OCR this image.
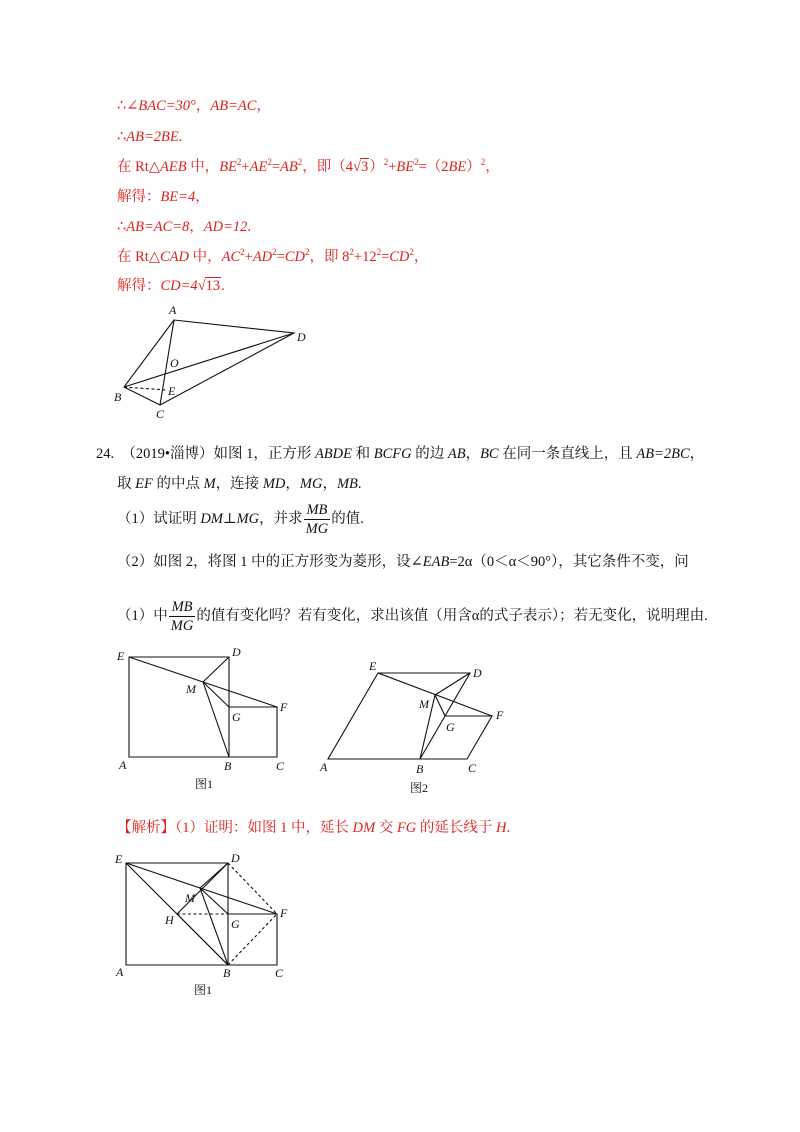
∴∠BAC=30°，AB=AC，
∴AB=2BE.
在 Rt△AEB 中，$BE^2+AE^2=AB^2$，即$(4√3)^2+BE^2=(2BE)^2$，
解得：BE=4，
∴AB=AC=8，AD=12.
在 Rt△CAD 中，$AC^2+AD^2=CD^2$，即 $8^2+12^2=CD^2$，
解得：CD=4√13.
A
D
O
E
B
C
24. （2019•淄博）如图 1，正方形 ABDE 和 BCFG 的边 AB，BC 在同一条直线上，且 AB=2BC，
取 EF 的中点 M，连接 MD，MG，MB.
（1）试证明 DM⊥MG，并求 $\frac{MB}{MG}$ 的值.
（2）如图 2，将图 1 中的正方形变为菱形，设∠EAB=2α（0＜α＜90°），其它条件不变，问
（1）中 $\frac{MB}{MG}$ 的值有变化吗？若有变化，求出该值（用含α的式子表示）；若无变化，说明理由.
E	D
M
F
G
A	B	C
图1
E	D
M
F
G
A	B	C
图2
【解析】（1）证明：如图 1 中，延长 DM 交 FG 的延长线于 H.
E	D
M
H	G
F
A	B	C
图1
